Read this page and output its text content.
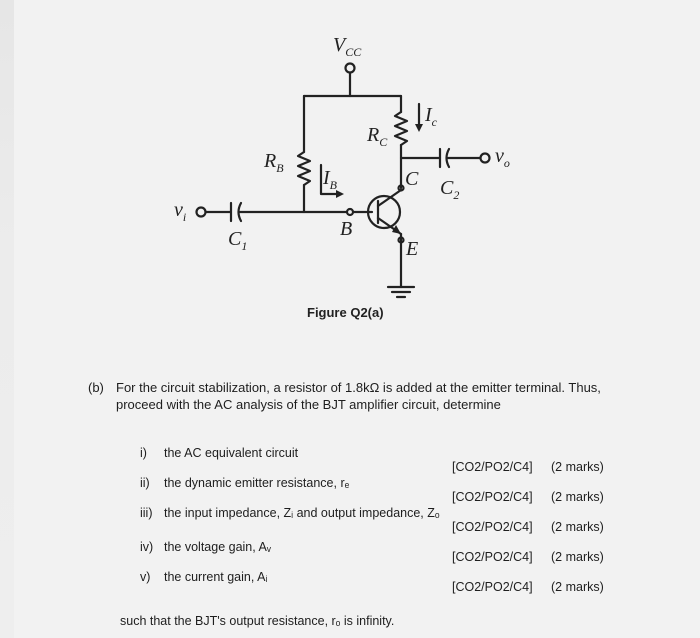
$V_{CC}$
$R_B$
$R_C$
$I_B$
$I_c$
$v_i$
$v_o$
$C_1$
$C_2$
B
C
E
Figure Q2(a)
(b) For the circuit stabilization, a resistor of 1.8kΩ is added at the emitter terminal. Thus, proceed with the AC analysis of the BJT amplifier circuit, determine
i) the AC equivalent circuit
[CO2/PO2/C4] (2 marks)
ii) the dynamic emitter resistance, rₑ
[CO2/PO2/C4] (2 marks)
iii) the input impedance, Zᵢ and output impedance, Zₒ
[CO2/PO2/C4] (2 marks)
iv) the voltage gain, Aᵥ
[CO2/PO2/C4] (2 marks)
v) the current gain, Aᵢ
[CO2/PO2/C4] (2 marks)
such that the BJT's output resistance, rₒ is infinity.
